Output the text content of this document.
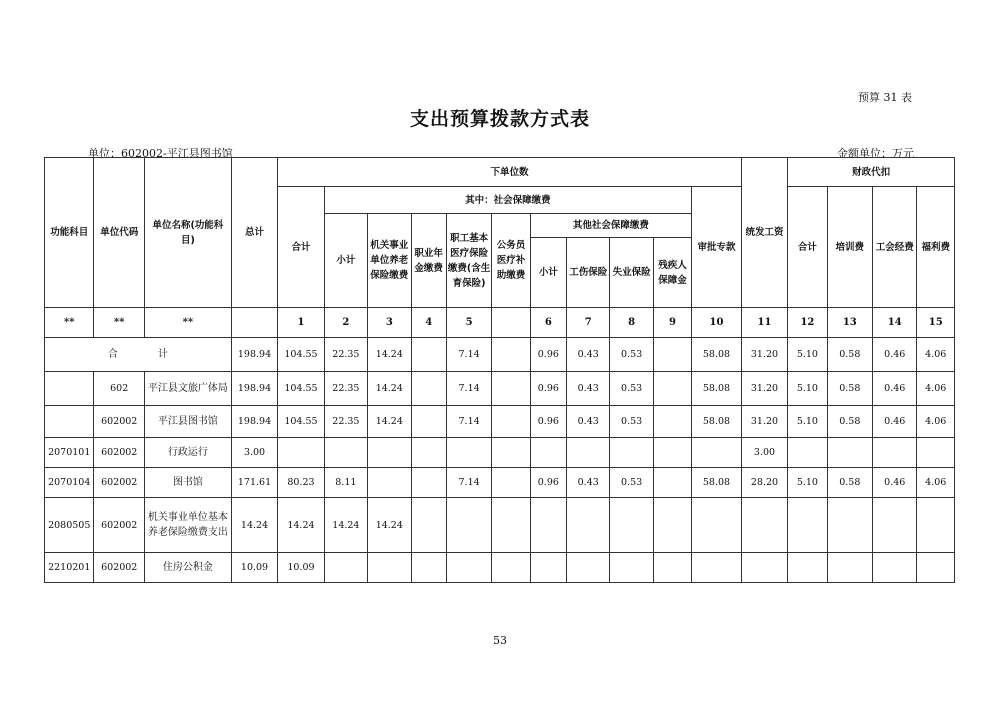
预算 31 表
支出预算拨款方式表
单位：602002-平江县图书馆	金额单位：万元
功能科目	单位代码	单位名称(功能科目)	总计	下单位数											统发工资	财政代扣			
				合计	其中：社会保障缴费									审批专款		合计	培训费	工会经费	福利费
					小计	机关事业单位养老保险缴费	职业年金缴费	职工基本医疗保险缴费(含生育保险)	公务员医疗补助缴费	其他社会保障缴费									
										小计	工伤保险	失业保险	残疾人保障金						
**	**	**		1	2	3	4	5		6	7	8	9	10	11	12	13	14	15
合　　　　计			198.94	104.55	22.35	14.24		7.14		0.96	0.43	0.53		58.08	31.20	5.10	0.58	0.46	4.06
	602	平江县文旅广体局	198.94	104.55	22.35	14.24		7.14		0.96	0.43	0.53		58.08	31.20	5.10	0.58	0.46	4.06
	602002	平江县图书馆	198.94	104.55	22.35	14.24		7.14		0.96	0.43	0.53		58.08	31.20	5.10	0.58	0.46	4.06
2070101	602002	行政运行	3.00												3.00				
2070104	602002	图书馆	171.61	80.23	8.11			7.14		0.96	0.43	0.53		58.08	28.20	5.10	0.58	0.46	4.06
2080505	602002	机关事业单位基本养老保险缴费支出	14.24	14.24	14.24	14.24													
2210201	602002	住房公积金	10.09	10.09															
53
